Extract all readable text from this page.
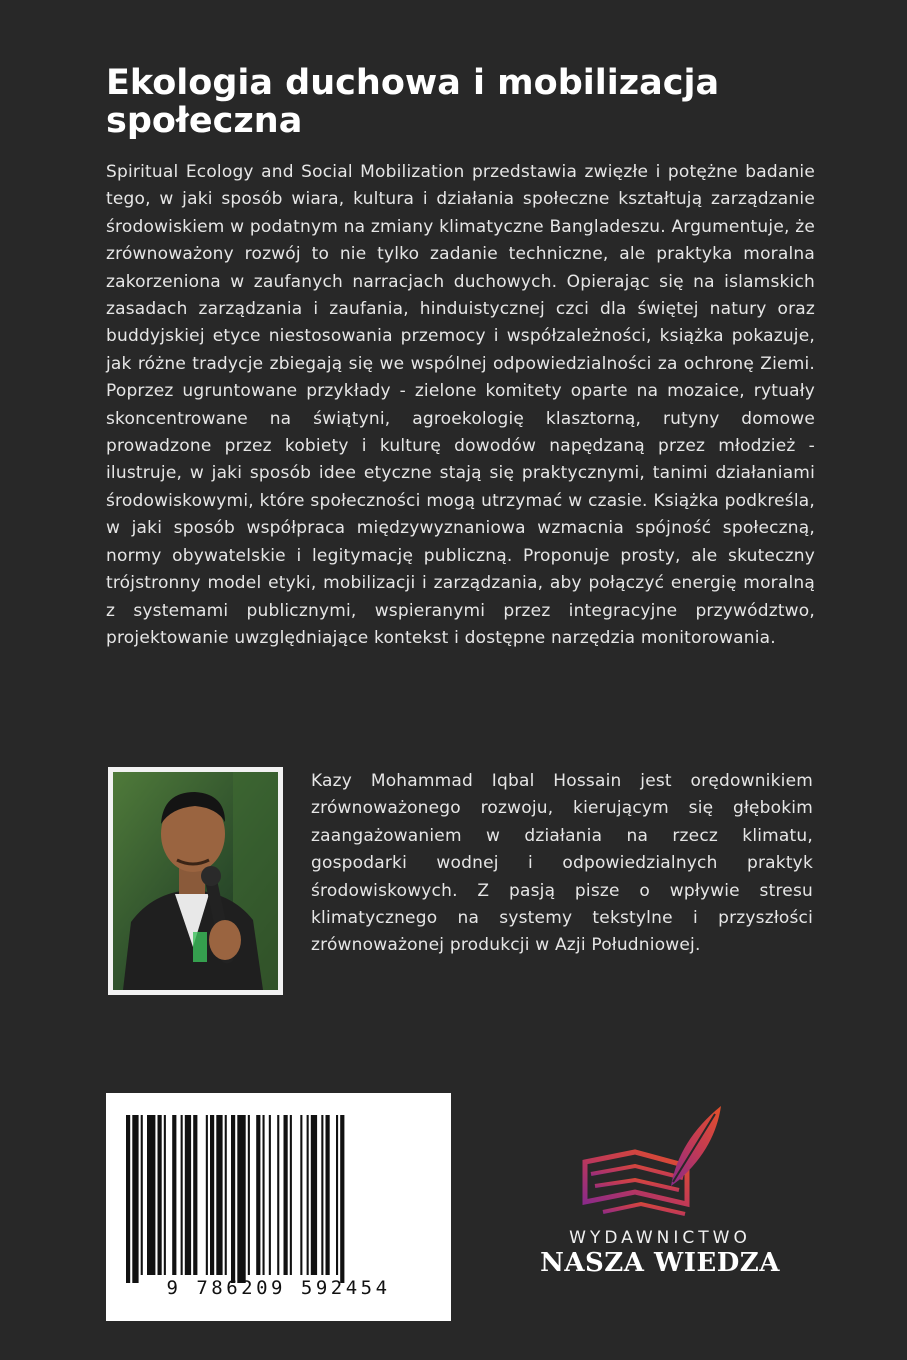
Ekologia duchowa i mobilizacja społeczna

Spiritual Ecology and Social Mobilization przedstawia zwięzłe i potężne badanie tego, w jaki sposób wiara, kultura i działania społeczne kształtują zarządzanie środowiskiem w podatnym na zmiany klimatyczne Bangladeszu. Argumentuje, że zrównoważony rozwój to nie tylko zadanie techniczne, ale praktyka moralna zakorzeniona w zaufanych narracjach duchowych. Opierając się na islamskich zasadach zarządzania i zaufania, hinduistycznej czci dla świętej natury oraz buddyjskiej etyce niestosowania przemocy i współzależności, książka pokazuje, jak różne tradycje zbiegają się we wspólnej odpowiedzialności za ochronę Ziemi. Poprzez ugruntowane przykłady - zielone komitety oparte na mozaice, rytuały skoncentrowane na świątyni, agroekologię klasztorną, rutyny domowe prowadzone przez kobiety i kulturę dowodów napędzaną przez młodzież - ilustruje, w jaki sposób idee etyczne stają się praktycznymi, tanimi działaniami środowiskowymi, które społeczności mogą utrzymać w czasie. Książka podkreśla, w jaki sposób współpraca międzywyznaniowa wzmacnia spójność społeczną, normy obywatelskie i legitymację publiczną. Proponuje prosty, ale skuteczny trójstronny model etyki, mobilizacji i zarządzania, aby połączyć energię moralną z systemami publicznymi, wspieranymi przez integracyjne przywództwo, projektowanie uwzględniające kontekst i dostępne narzędzia monitorowania.

Kazy Mohammad Iqbal Hossain jest orędownikiem zrównoważonego rozwoju, kierującym się głębokim zaangażowaniem w działania na rzecz klimatu, gospodarki wodnej i odpowiedzialnych praktyk środowiskowych. Z pasją pisze o wpływie stresu klimatycznego na systemy tekstylne i przyszłości zrównoważonej produkcji w Azji Południowej.

9 786209 592454
WYDAWNICTWO
NASZA WIEDZA
